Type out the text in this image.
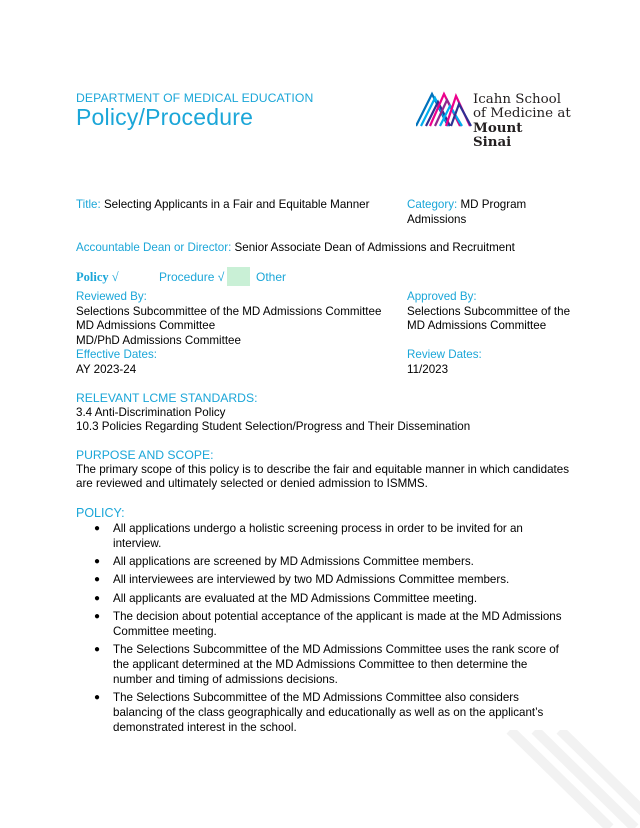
DEPARTMENT OF MEDICAL EDUCATION
Policy/Procedure
Icahn School
of Medicine at
Mount
Sinai
Title: Selecting Applicants in a Fair and Equitable Manner	Category: MD Program
Admissions
Accountable Dean or Director: Senior Associate Dean of Admissions and Recruitment
Policy √	Procedure √	Other
Reviewed By:
Selections Subcommittee of the MD Admissions Committee
MD Admissions Committee
MD/PhD Admissions Committee
Effective Dates:
AY 2023-24
Approved By:
Selections Subcommittee of the
MD Admissions Committee
Review Dates:
11/2023
RELEVANT LCME STANDARDS:
3.4 Anti-Discrimination Policy
10.3 Policies Regarding Student Selection/Progress and Their Dissemination
PURPOSE AND SCOPE:
The primary scope of this policy is to describe the fair and equitable manner in which candidates
are reviewed and ultimately selected or denied admission to ISMMS.
POLICY:
● All applications undergo a holistic screening process in order to be invited for an interview.
● All applications are screened by MD Admissions Committee members.
● All interviewees are interviewed by two MD Admissions Committee members.
● All applicants are evaluated at the MD Admissions Committee meeting.
● The decision about potential acceptance of the applicant is made at the MD Admissions Committee meeting.
● The Selections Subcommittee of the MD Admissions Committee uses the rank score of the applicant determined at the MD Admissions Committee to then determine the number and timing of admissions decisions.
● The Selections Subcommittee of the MD Admissions Committee also considers balancing of the class geographically and educationally as well as on the applicant’s demonstrated interest in the school.
